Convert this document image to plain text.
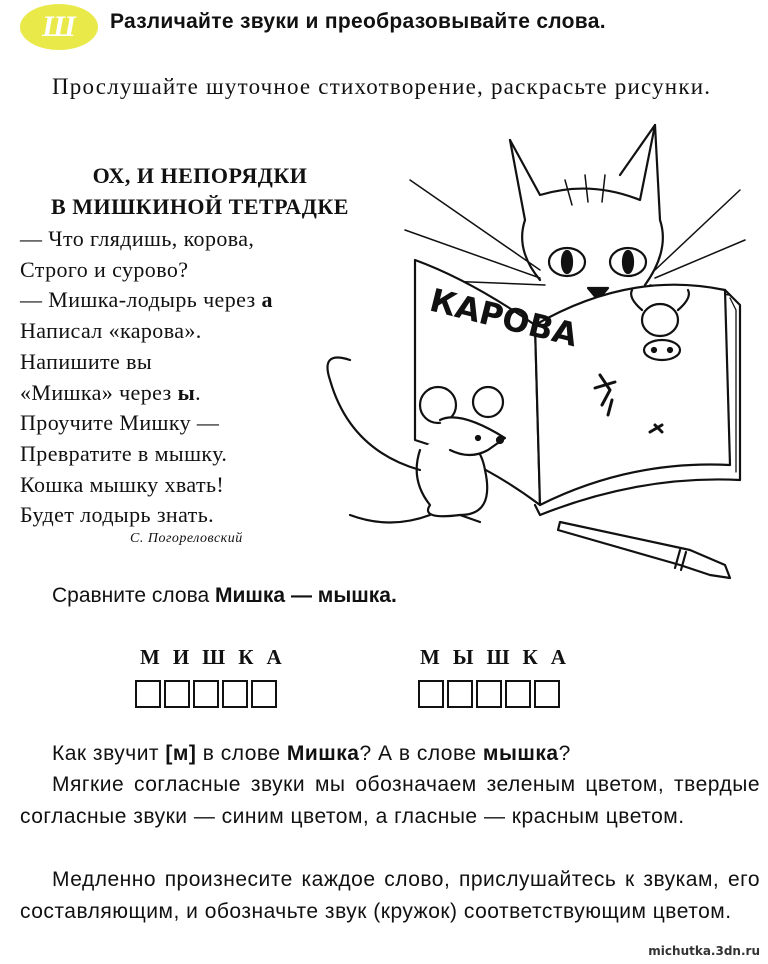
Ш	Различайте звуки и преобразовывайте слова.
Прослушайте шуточное стихотворение, раскрасьте рисунки.
ОХ, И НЕПОРЯДКИ
В МИШКИНОЙ ТЕТРАДКЕ
— Что глядишь, корова,
Строго и сурово?
— Мишка-лодырь через а
Написал «карова».
Напишите вы
«Мишка» через ы.
Проучите Мишку —
Превратите в мышку.
Кошка мышку хвать!
Будет лодырь знать.
С. Погореловский
КАРОВА
Сравните слова Мишка — мышка.
МИШКА	МЫШКА
Как звучит [м] в слове Мишка? А в слове мышка?
Мягкие согласные звуки мы обозначаем зеленым цветом, твердые согласные звуки — синим цветом, а гласные — красным цветом.
Медленно произнесите каждое слово, прислушайтесь к звукам, его составляющим, и обозначьте звук (кружок) соответствующим цветом.
michutka.3dn.ru
